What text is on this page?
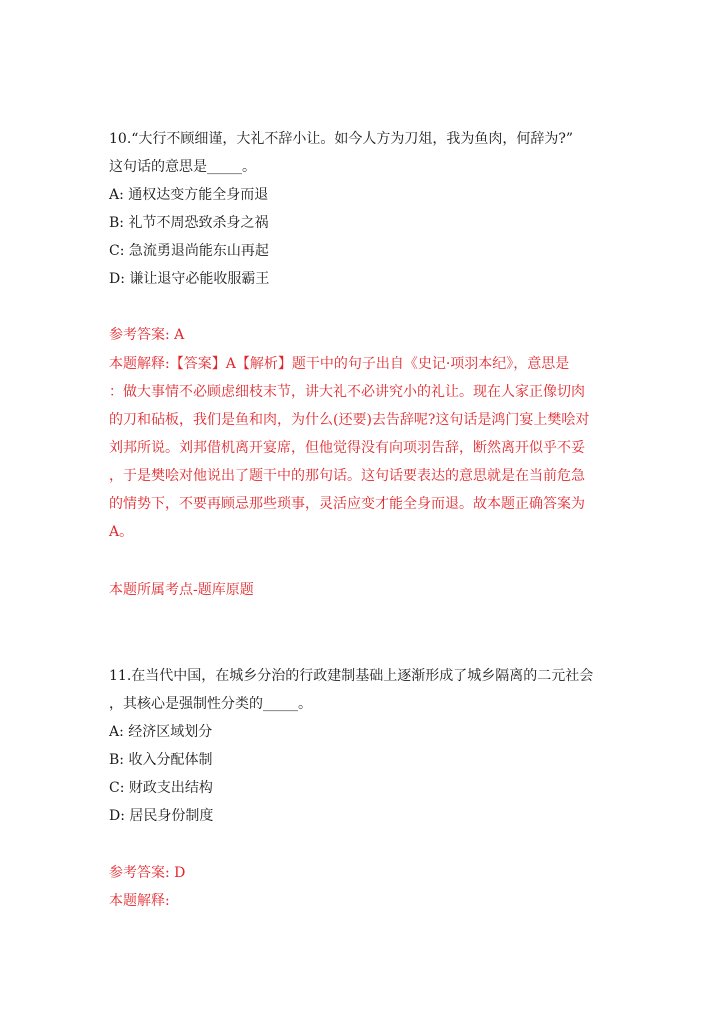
10.“大行不顾细谨，大礼不辞小让。如今人方为刀俎，我为鱼肉，何辞为?”
这句话的意思是_____。
A: 通权达变方能全身而退
B: 礼节不周恐致杀身之祸
C: 急流勇退尚能东山再起
D: 谦让退守必能收服霸王
参考答案: A
本题解释:【答案】A【解析】题干中的句子出自《史记·项羽本纪》，意思是
：做大事情不必顾虑细枝末节，讲大礼不必讲究小的礼让。现在人家正像切肉
的刀和砧板，我们是鱼和肉，为什么(还要)去告辞呢?这句话是鸿门宴上樊哙对
刘邦所说。刘邦借机离开宴席，但他觉得没有向项羽告辞，断然离开似乎不妥
，于是樊哙对他说出了题干中的那句话。这句话要表达的意思就是在当前危急
的情势下，不要再顾忌那些琐事，灵活应变才能全身而退。故本题正确答案为
A。
本题所属考点-题库原题
11.在当代中国，在城乡分治的行政建制基础上逐渐形成了城乡隔离的二元社会
，其核心是强制性分类的_____。
A: 经济区域划分
B: 收入分配体制
C: 财政支出结构
D: 居民身份制度
参考答案: D
本题解释:
